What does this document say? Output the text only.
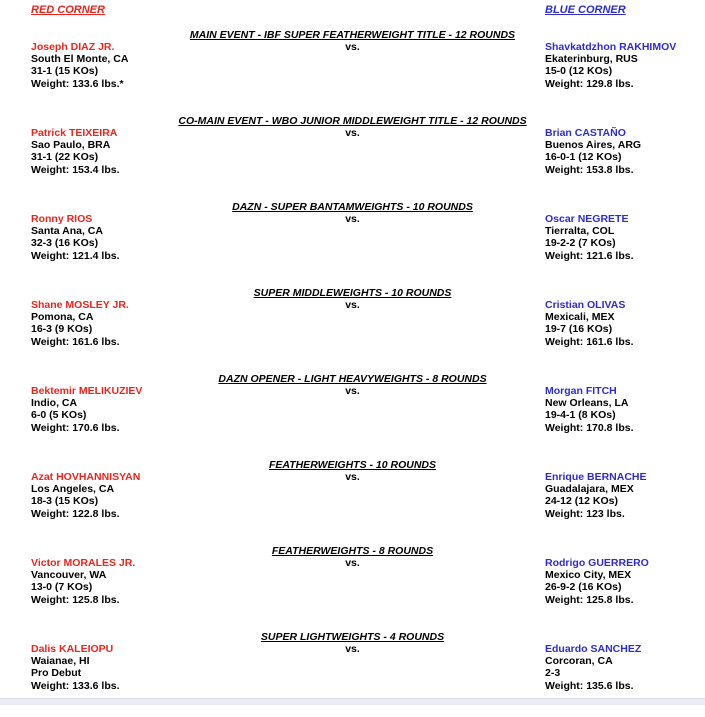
RED CORNER	BLUE CORNER
MAIN EVENT - IBF SUPER FEATHERWEIGHT TITLE - 12 ROUNDS
vs.
Joseph DIAZ JR.
South El Monte, CA
31-1 (15 KOs)
Weight: 133.6 lbs.*
Shavkatdzhon RAKHIMOV
Ekaterinburg, RUS
15-0 (12 KOs)
Weight: 129.8 lbs.
CO-MAIN EVENT - WBO JUNIOR MIDDLEWEIGHT TITLE - 12 ROUNDS
vs.
Patrick TEIXEIRA
Sao Paulo, BRA
31-1 (22 KOs)
Weight: 153.4 lbs.
Brian CASTAÑO
Buenos Aires, ARG
16-0-1 (12 KOs)
Weight: 153.8 lbs.
DAZN - SUPER BANTAMWEIGHTS - 10 ROUNDS
vs.
Ronny RIOS
Santa Ana, CA
32-3 (16 KOs)
Weight: 121.4 lbs.
Oscar NEGRETE
Tierralta, COL
19-2-2 (7 KOs)
Weight: 121.6 lbs.
SUPER MIDDLEWEIGHTS - 10 ROUNDS
vs.
Shane MOSLEY JR.
Pomona, CA
16-3 (9 KOs)
Weight: 161.6 lbs.
Cristian OLIVAS
Mexicali, MEX
19-7 (16 KOs)
Weight: 161.6 lbs.
DAZN OPENER - LIGHT HEAVYWEIGHTS - 8 ROUNDS
vs.
Bektemir MELIKUZIEV
Indio, CA
6-0 (5 KOs)
Weight: 170.6 lbs.
Morgan FITCH
New Orleans, LA
19-4-1 (8 KOs)
Weight: 170.8 lbs.
FEATHERWEIGHTS - 10 ROUNDS
vs.
Azat HOVHANNISYAN
Los Angeles, CA
18-3 (15 KOs)
Weight: 122.8 lbs.
Enrique BERNACHE
Guadalajara, MEX
24-12 (12 KOs)
Weight: 123 lbs.
FEATHERWEIGHTS - 8 ROUNDS
vs.
Victor MORALES JR.
Vancouver, WA
13-0 (7 KOs)
Weight: 125.8 lbs.
Rodrigo GUERRERO
Mexico City, MEX
26-9-2 (16 KOs)
Weight: 125.8 lbs.
SUPER LIGHTWEIGHTS - 4 ROUNDS
vs.
Dalis KALEIOPU
Waianae, HI
Pro Debut
Weight: 133.6 lbs.
Eduardo SANCHEZ
Corcoran, CA
2-3
Weight: 135.6 lbs.
